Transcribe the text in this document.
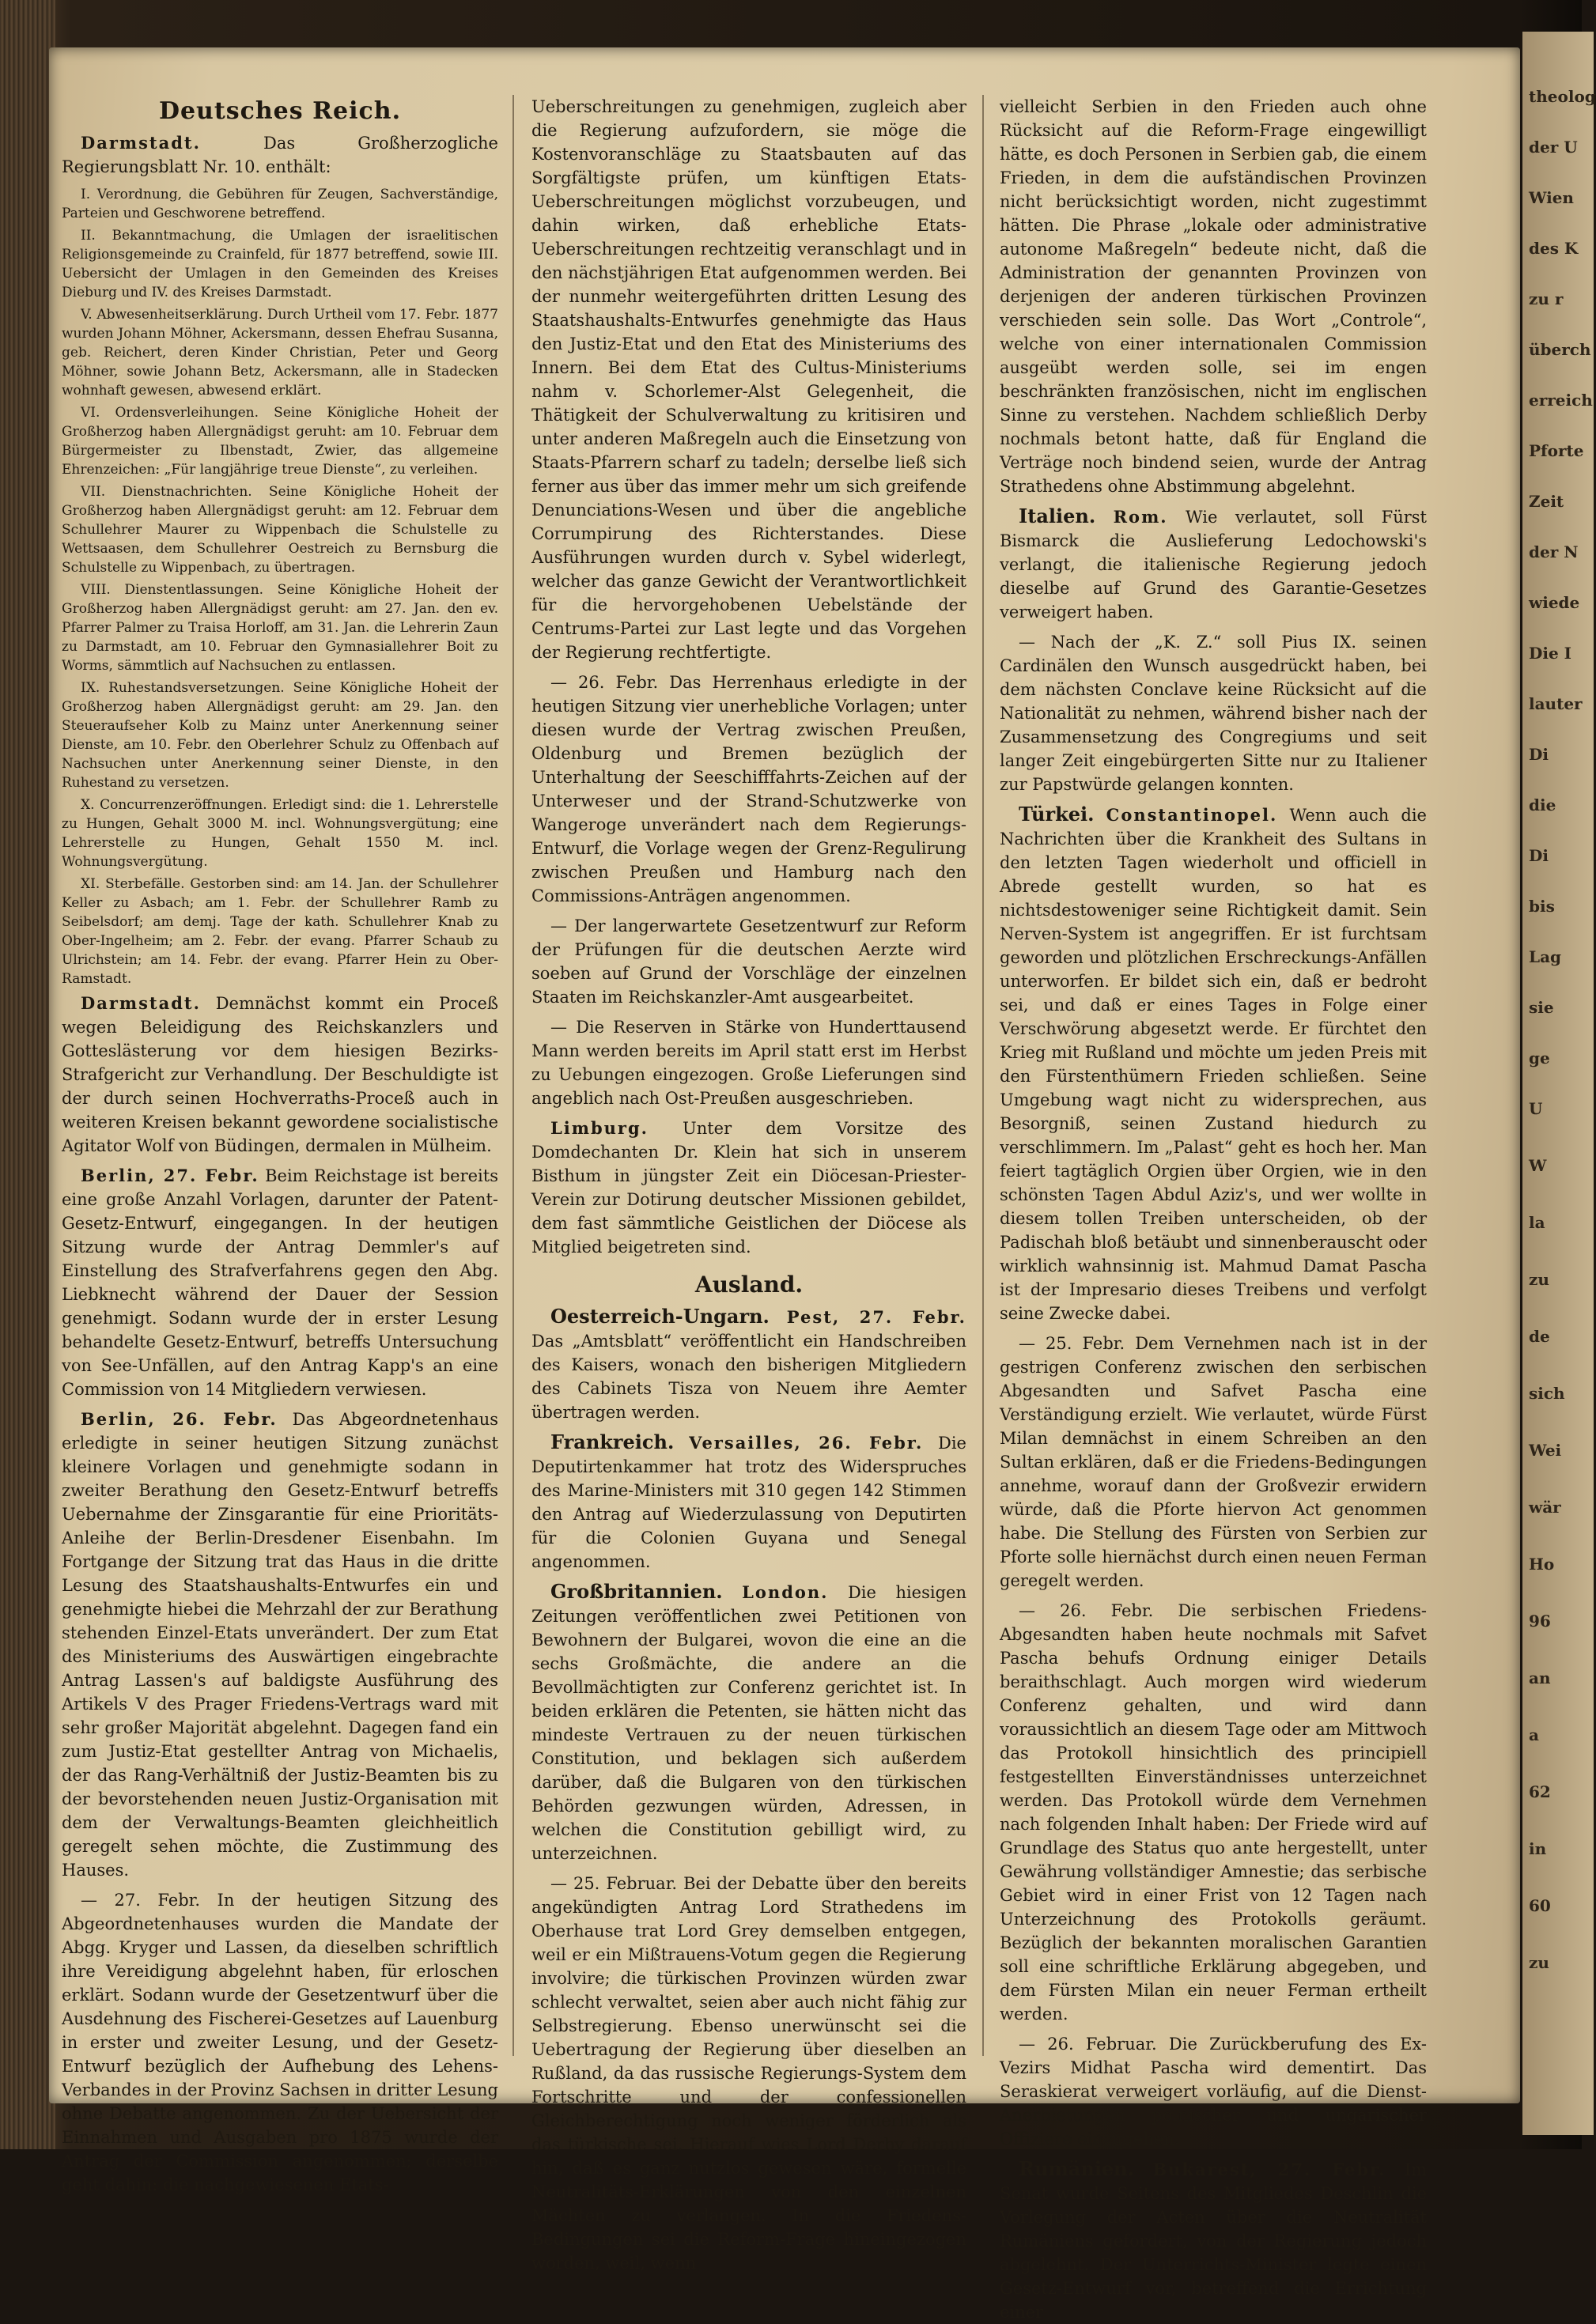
theolog
der U
Wien
des K
zu r
überch
erreich
Pforte
Zeit
der N
wiede
Die I
lauter
Di
die
Di
bis
Lag
sie
ge
U
W
la
zu
de
sich
Wei
wär
Ho
96
an
a
62
in
60
zu
Deutsches Reich.

Darmstadt.	Das Großherzogliche Regierungsblatt Nr. 10. enthält:

I. Verordnung, die Gebühren für Zeugen, Sachverständige, Parteien und Geschworene betreffend.

II. Bekanntmachung, die Umlagen der israelitischen Religionsgemeinde zu Crainfeld, für 1877 betreffend, sowie III. Uebersicht der Umlagen in den Gemeinden des Kreises Dieburg und IV. des Kreises Darmstadt.

V. Abwesenheitserklärung. Durch Urtheil vom 17. Febr. 1877 wurden Johann Möhner, Ackersmann, dessen Ehefrau Susanna, geb. Reichert, deren Kinder Christian, Peter und Georg Möhner, sowie Johann Betz, Ackersmann, alle in Stadecken wohnhaft gewesen, abwesend erklärt.

VI. Ordensverleihungen. Seine Königliche Hoheit der Großherzog haben Allergnädigst geruht: am 10. Februar dem Bürgermeister zu Ilbenstadt, Zwier, das allgemeine Ehrenzeichen: „Für langjährige treue Dienste“, zu verleihen.

VII. Dienstnachrichten. Seine Königliche Hoheit der Großherzog haben Allergnädigst geruht: am 12. Februar dem Schullehrer Maurer zu Wippenbach die Schulstelle zu Wettsaasen, dem Schullehrer Oestreich zu Bernsburg die Schulstelle zu Wippenbach, zu übertragen.

VIII. Dienstentlassungen. Seine Königliche Hoheit der Großherzog haben Allergnädigst geruht: am 27. Jan. den ev. Pfarrer Palmer zu Traisa Horloff, am 31. Jan. die Lehrerin Zaun zu Darmstadt, am 10. Februar den Gymnasiallehrer Boit zu Worms, sämmtlich auf Nachsuchen zu entlassen.

IX. Ruhestandsversetzungen. Seine Königliche Hoheit der Großherzog haben Allergnädigst geruht: am 29. Jan. den Steueraufseher Kolb zu Mainz unter Anerkennung seiner Dienste, am 10. Febr. den Oberlehrer Schulz zu Offenbach auf Nachsuchen unter Anerkennung seiner Dienste, in den Ruhestand zu versetzen.

X. Concurrenzeröffnungen. Erledigt sind: die 1. Lehrerstelle zu Hungen, Gehalt 3000 M. incl. Wohnungsvergütung; eine Lehrerstelle zu Hungen, Gehalt 1550 M. incl. Wohnungsvergütung.

XI. Sterbefälle. Gestorben sind: am 14. Jan. der Schullehrer Keller zu Asbach; am 1. Febr. der Schullehrer Ramb zu Seibelsdorf; am demj. Tage der kath. Schullehrer Knab zu Ober-Ingelheim; am 2. Febr. der evang. Pfarrer Schaub zu Ulrichstein; am 14. Febr. der evang. Pfarrer Hein zu Ober-Ramstadt.

Darmstadt. Demnächst kommt ein Proceß wegen Beleidigung des Reichskanzlers und Gotteslästerung vor dem hiesigen Bezirks-Strafgericht zur Verhandlung. Der Beschuldigte ist der durch seinen Hochverraths-Proceß auch in weiteren Kreisen bekannt gewordene socialistische Agitator Wolf von Büdingen, dermalen in Mülheim.

Berlin, 27. Febr. Beim Reichstage ist bereits eine große Anzahl Vorlagen, darunter der Patent-Gesetz-Entwurf, eingegangen. In der heutigen Sitzung wurde der Antrag Demmler's auf Einstellung des Strafverfahrens gegen den Abg. Liebknecht während der Dauer der Session genehmigt. Sodann wurde der in erster Lesung behandelte Gesetz-Entwurf, betreffs Untersuchung von See-Unfällen, auf den Antrag Kapp's an eine Commission von 14 Mitgliedern verwiesen.

Berlin, 26. Febr. Das Abgeordnetenhaus erledigte in seiner heutigen Sitzung zunächst kleinere Vorlagen und genehmigte sodann in zweiter Berathung den Gesetz-Entwurf betreffs Uebernahme der Zinsgarantie für eine Prioritäts-Anleihe der Berlin-Dresdener Eisenbahn. Im Fortgange der Sitzung trat das Haus in die dritte Lesung des Staatshaushalts-Entwurfes ein und genehmigte hiebei die Mehrzahl der zur Berathung stehenden Einzel-Etats unverändert. Der zum Etat des Ministeriums des Auswärtigen eingebrachte Antrag Lassen's auf baldigste Ausführung des Artikels V des Prager Friedens-Vertrags ward mit sehr großer Majorität abgelehnt. Dagegen fand ein zum Justiz-Etat gestellter Antrag von Michaelis, der das Rang-Verhältniß der Justiz-Beamten bis zu der bevorstehenden neuen Justiz-Organisation mit dem der Verwaltungs-Beamten gleichheitlich geregelt sehen möchte, die Zustimmung des Hauses.

— 27. Febr. In der heutigen Sitzung des Abgeordnetenhauses wurden die Mandate der Abgg. Kryger und Lassen, da dieselben schriftlich ihre Vereidigung abgelehnt haben, für erloschen erklärt. Sodann wurde der Gesetzentwurf über die Ausdehnung des Fischerei-Gesetzes auf Lauenburg in erster und zweiter Lesung, und der Gesetz-Entwurf bezüglich der Aufhebung des Lehens-Verbandes in der Provinz Sachsen in dritter Lesung ohne Debatte angenommen. Zu der Uebersicht der Einnahmen und Ausgaben pro 1875 wurde der Antrag der Commission angenommen; derselbe geht dahin: die nachgewiesenen Etats-

Ueberschreitungen zu genehmigen, zugleich aber die Regierung aufzufordern, sie möge die Kostenvoranschläge zu Staatsbauten auf das Sorgfältigste prüfen, um künftigen Etats-Ueberschreitungen möglichst vorzubeugen, und dahin wirken, daß erhebliche Etats-Ueberschreitungen rechtzeitig veranschlagt und in den nächstjährigen Etat aufgenommen werden. Bei der nunmehr weitergeführten dritten Lesung des Staatshaushalts-Entwurfes genehmigte das Haus den Justiz-Etat und den Etat des Ministeriums des Innern. Bei dem Etat des Cultus-Ministeriums nahm v. Schorlemer-Alst Gelegenheit, die Thätigkeit der Schulverwaltung zu kritisiren und unter anderen Maßregeln auch die Einsetzung von Staats-Pfarrern scharf zu tadeln; derselbe ließ sich ferner aus über das immer mehr um sich greifende Denunciations-Wesen und über die angebliche Corrumpirung des Richterstandes. Diese Ausführungen wurden durch v. Sybel widerlegt, welcher das ganze Gewicht der Verantwortlichkeit für die hervorgehobenen Uebelstände der Centrums-Partei zur Last legte und das Vorgehen der Regierung rechtfertigte.

— 26. Febr. Das Herrenhaus erledigte in der heutigen Sitzung vier unerhebliche Vorlagen; unter diesen wurde der Vertrag zwischen Preußen, Oldenburg und Bremen bezüglich der Unterhaltung der Seeschifffahrts-Zeichen auf der Unterweser und der Strand-Schutzwerke von Wangeroge unverändert nach dem Regierungs-Entwurf, die Vorlage wegen der Grenz-Regulirung zwischen Preußen und Hamburg nach den Commissions-Anträgen angenommen.

— Der langerwartete Gesetzentwurf zur Reform der Prüfungen für die deutschen Aerzte wird soeben auf Grund der Vorschläge der einzelnen Staaten im Reichskanzler-Amt ausgearbeitet.

— Die Reserven in Stärke von Hunderttausend Mann werden bereits im April statt erst im Herbst zu Uebungen eingezogen. Große Lieferungen sind angeblich nach Ost-Preußen ausgeschrieben.

Limburg. Unter dem Vorsitze des Domdechanten Dr. Klein hat sich in unserem Bisthum in jüngster Zeit ein Diöcesan-Priester-Verein zur Dotirung deutscher Missionen gebildet, dem fast sämmtliche Geistlichen der Diöcese als Mitglied beigetreten sind.

Ausland.

Oesterreich-Ungarn. Pest, 27. Febr. Das „Amtsblatt“ veröffentlicht ein Handschreiben des Kaisers, wonach den bisherigen Mitgliedern des Cabinets Tisza von Neuem ihre Aemter übertragen werden.

Frankreich. Versailles, 26. Febr. Die Deputirtenkammer hat trotz des Widerspruches des Marine-Ministers mit 310 gegen 142 Stimmen den Antrag auf Wiederzulassung von Deputirten für die Colonien Guyana und Senegal angenommen.

Großbritannien. London. Die hiesigen Zeitungen veröffentlichen zwei Petitionen von Bewohnern der Bulgarei, wovon die eine an die sechs Großmächte, die andere an die Bevollmächtigten zur Conferenz gerichtet ist. In beiden erklären die Petenten, sie hätten nicht das mindeste Vertrauen zu der neuen türkischen Constitution, und beklagen sich außerdem darüber, daß die Bulgaren von den türkischen Behörden gezwungen würden, Adressen, in welchen die Constitution gebilligt wird, zu unterzeichnen.

— 25. Februar. Bei der Debatte über den bereits angekündigten Antrag Lord Strathedens im Oberhause trat Lord Grey demselben entgegen, weil er ein Mißtrauens-Votum gegen die Regierung involvire; die türkischen Provinzen würden zwar schlecht verwaltet, seien aber auch nicht fähig zur Selbstregierung. Ebenso unerwünscht sei die Uebertragung der Regierung über dieselben an Rußland, da das russische Regierungs-System dem Fortschritte und der confessionellen Gleichberechtigung noch weniger förderlich als das türkische sei. Hierauf wies Lord Derby darauf hin, daß es ganz nutzlos gewesen wäre, formelle Neutralitäts-Erklärungen von den einzelnen Mächten zu verlangen. In die Friedens-Bedingungen sei die Reform-Frage hineingezogen worden, weil, wenn

vielleicht Serbien in den Frieden auch ohne Rücksicht auf die Reform-Frage eingewilligt hätte, es doch Personen in Serbien gab, die einem Frieden, in dem die aufständischen Provinzen nicht berücksichtigt worden, nicht zugestimmt hätten. Die Phrase „lokale oder administrative autonome Maßregeln“ bedeute nicht, daß die Administration der genannten Provinzen von derjenigen der anderen türkischen Provinzen verschieden sein solle. Das Wort „Controle“, welche von einer internationalen Commission ausgeübt werden solle, sei im engen beschränkten französischen, nicht im englischen Sinne zu verstehen. Nachdem schließlich Derby nochmals betont hatte, daß für England die Verträge noch bindend seien, wurde der Antrag Strathedens ohne Abstimmung abgelehnt.

Italien. Rom. Wie verlautet, soll Fürst Bismarck die Auslieferung Ledochowski's verlangt, die italienische Regierung jedoch dieselbe auf Grund des Garantie-Gesetzes verweigert haben.

— Nach der „K. Z.“ soll Pius IX. seinen Cardinälen den Wunsch ausgedrückt haben, bei dem nächsten Conclave keine Rücksicht auf die Nationalität zu nehmen, während bisher nach der Zusammensetzung des Congregiums und seit langer Zeit eingebürgerten Sitte nur zu Italiener zur Papstwürde gelangen konnten.

Türkei. Constantinopel. Wenn auch die Nachrichten über die Krankheit des Sultans in den letzten Tagen wiederholt und officiell in Abrede gestellt wurden, so hat es nichtsdestoweniger seine Richtigkeit damit. Sein Nerven-System ist angegriffen. Er ist furchtsam geworden und plötzlichen Erschreckungs-Anfällen unterworfen. Er bildet sich ein, daß er bedroht sei, und daß er eines Tages in Folge einer Verschwörung abgesetzt werde. Er fürchtet den Krieg mit Rußland und möchte um jeden Preis mit den Fürstenthümern Frieden schließen. Seine Umgebung wagt nicht zu widersprechen, aus Besorgniß, seinen Zustand hiedurch zu verschlimmern. Im „Palast“ geht es hoch her. Man feiert tagtäglich Orgien über Orgien, wie in den schönsten Tagen Abdul Aziz's, und wer wollte in diesem tollen Treiben unterscheiden, ob der Padischah bloß betäubt und sinnenberauscht oder wirklich wahnsinnig ist. Mahmud Damat Pascha ist der Impresario dieses Treibens und verfolgt seine Zwecke dabei.

— 25. Febr. Dem Vernehmen nach ist in der gestrigen Conferenz zwischen den serbischen Abgesandten und Safvet Pascha eine Verständigung erzielt. Wie verlautet, würde Fürst Milan demnächst in einem Schreiben an den Sultan erklären, daß er die Friedens-Bedingungen annehme, worauf dann der Großvezir erwidern würde, daß die Pforte hiervon Act genommen habe. Die Stellung des Fürsten von Serbien zur Pforte solle hiernächst durch einen neuen Ferman geregelt werden.

— 26. Febr. Die serbischen Friedens-Abgesandten haben heute nochmals mit Safvet Pascha behufs Ordnung einiger Details beraithschlagt. Auch morgen wird wiederum Conferenz gehalten, und wird dann voraussichtlich an diesem Tage oder am Mittwoch das Protokoll hinsichtlich des principiell festgestellten Einverständnisses unterzeichnet werden. Das Protokoll würde dem Vernehmen nach folgenden Inhalt haben: Der Friede wird auf Grundlage des Status quo ante hergestellt, unter Gewährung vollständiger Amnestie; das serbische Gebiet wird in einer Frist von 12 Tagen nach Unterzeichnung des Protokolls geräumt. Bezüglich der bekannten moralischen Garantien soll eine schriftliche Erklärung abgegeben, und dem Fürsten Milan ein neuer Ferman ertheilt werden.

— 26. Februar. Die Zurückberufung des Ex-Vezirs Midhat Pascha wird dementirt. Das Seraskierat verweigert vorläufig, auf die Dienst-Anerbietungen polnischer und ungarischer Offiziere einzugehen.

Rumänien. Bukarest, 27. Febr. Im Senat wurde Seitens des Mitgliedes Deschlin die Vorlegung der Acten über die Neutralität Rumäniens gefordert, von der Regierung jedoch abgelehnt. Der Unterrichts-Minister legte einen Gesetz-Entwurf vor, betreffend die Errichtung einer
